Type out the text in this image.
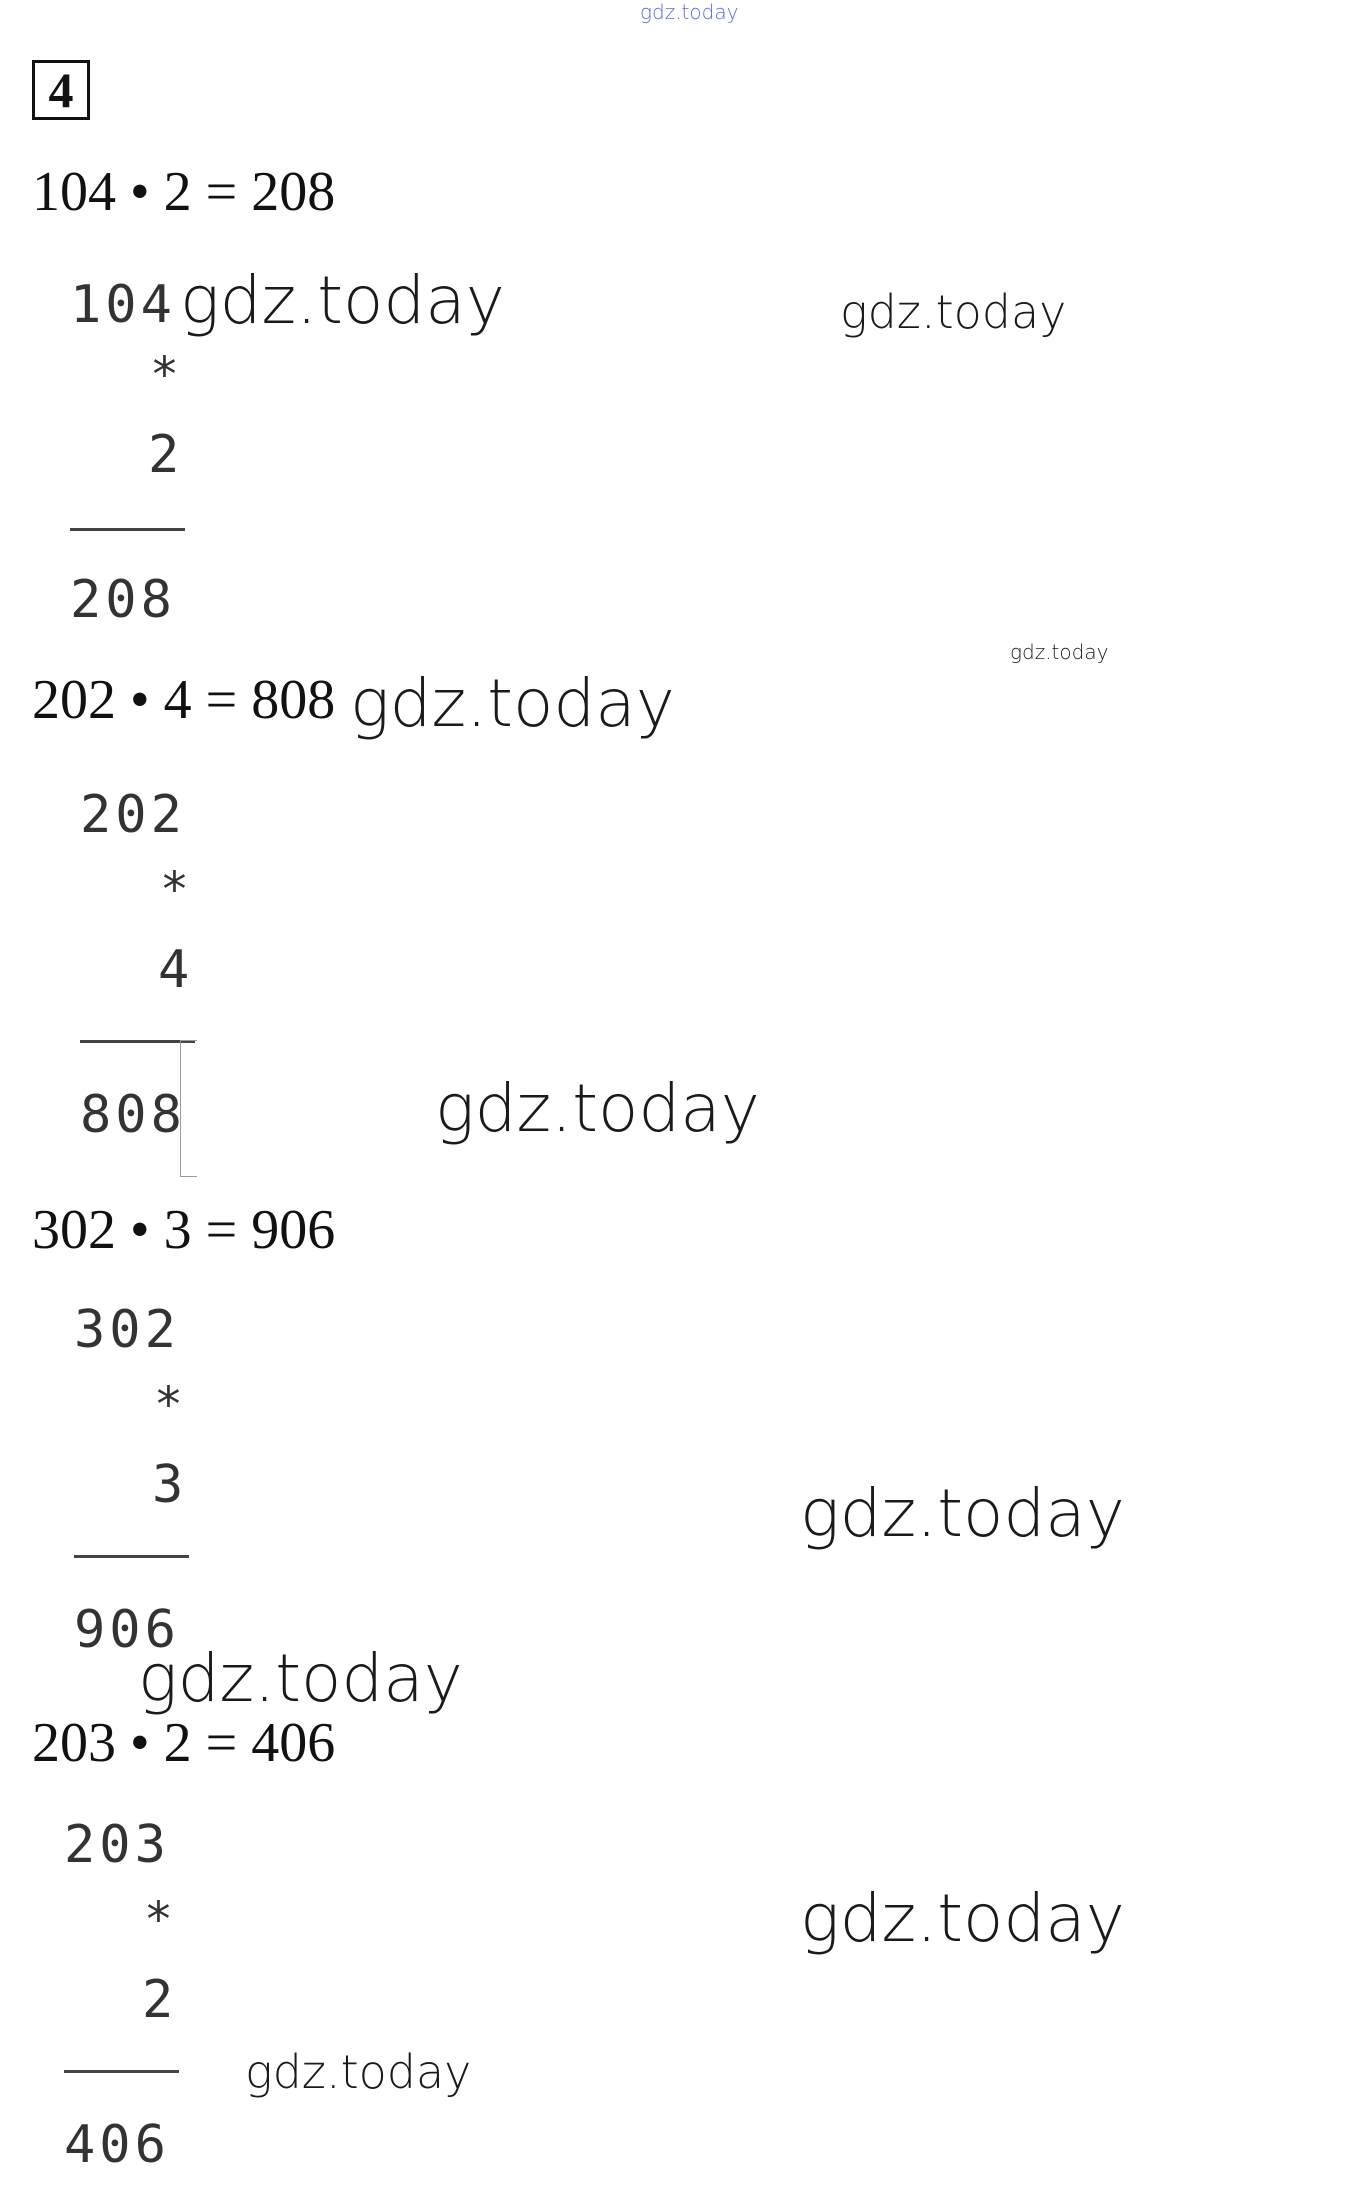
gdz.today
4
104 • 2 = 208
104
*
2
208
202 • 4 = 808
202
*
4
808
302 • 3 = 906
302
*
3
906
203 • 2 = 406
203
*
2
406
gdz.today	gdz.today
gdz.today
gdz.today
gdz.today
gdz.today
gdz.today
gdz.today
gdz.today
